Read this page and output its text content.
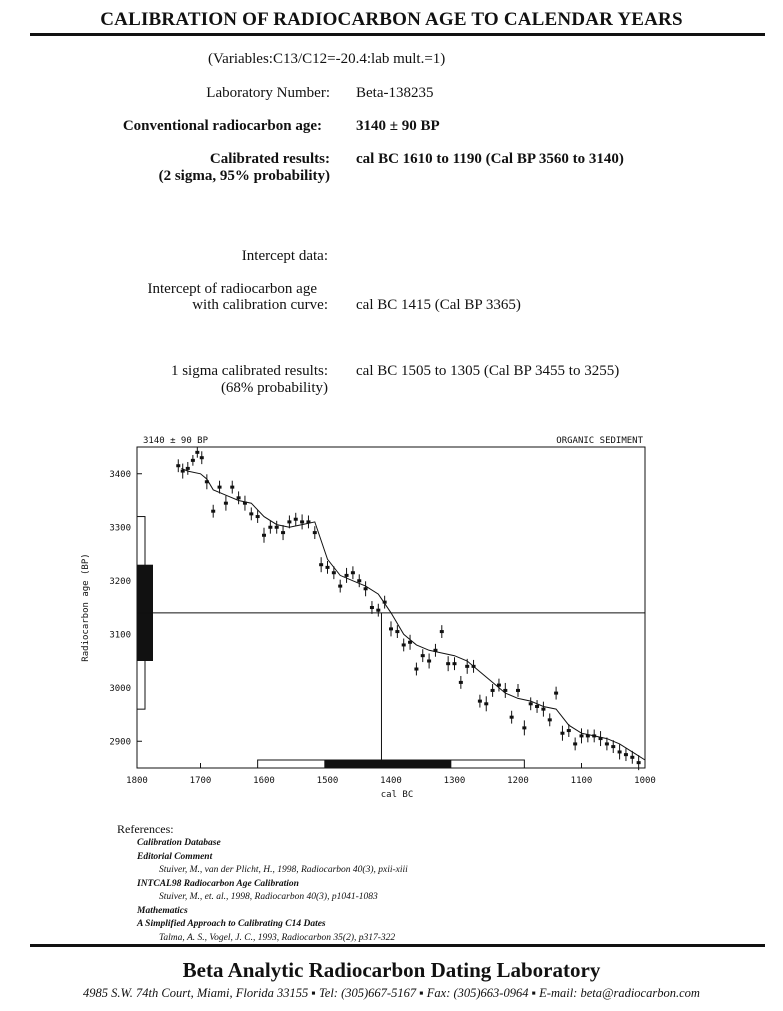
CALIBRATION OF RADIOCARBON AGE TO CALENDAR YEARS
(Variables:C13/C12=-20.4:lab mult.=1)
Laboratory Number: Beta-138235
Conventional radiocarbon age: 3140 ± 90 BP
Calibrated results:
(2 sigma, 95% probability)
cal BC 1610 to 1190 (Cal BP 3560 to 3140)
Intercept data:
Intercept of radiocarbon age
with calibration curve: cal BC 1415 (Cal BP 3365)
1 sigma calibrated results:
(68% probability)
cal BC 1505 to 1305 (Cal BP 3455 to 3255)
3140 ± 90 BP	ORGANIC SEDIMENT
2900
3000
3100
3200
3300
3400
1800	1700	1600	1500	1400	1300	1200	1100	1000
cal BC
Radiocarbon age (BP)
References:
Calibration Database
Editorial Comment
Stuiver, M., van der Plicht, H., 1998, Radiocarbon 40(3), pxii-xiii
INTCAL98 Radiocarbon Age Calibration
Stuiver, M., et. al., 1998, Radiocarbon 40(3), p1041-1083
Mathematics
A Simplified Approach to Calibrating C14 Dates
Talma, A. S., Vogel, J. C., 1993, Radiocarbon 35(2), p317-322
Beta Analytic Radiocarbon Dating Laboratory
4985 S.W. 74th Court, Miami, Florida 33155 ▪ Tel: (305)667-5167 ▪ Fax: (305)663-0964 ▪ E-mail: beta@radiocarbon.com
